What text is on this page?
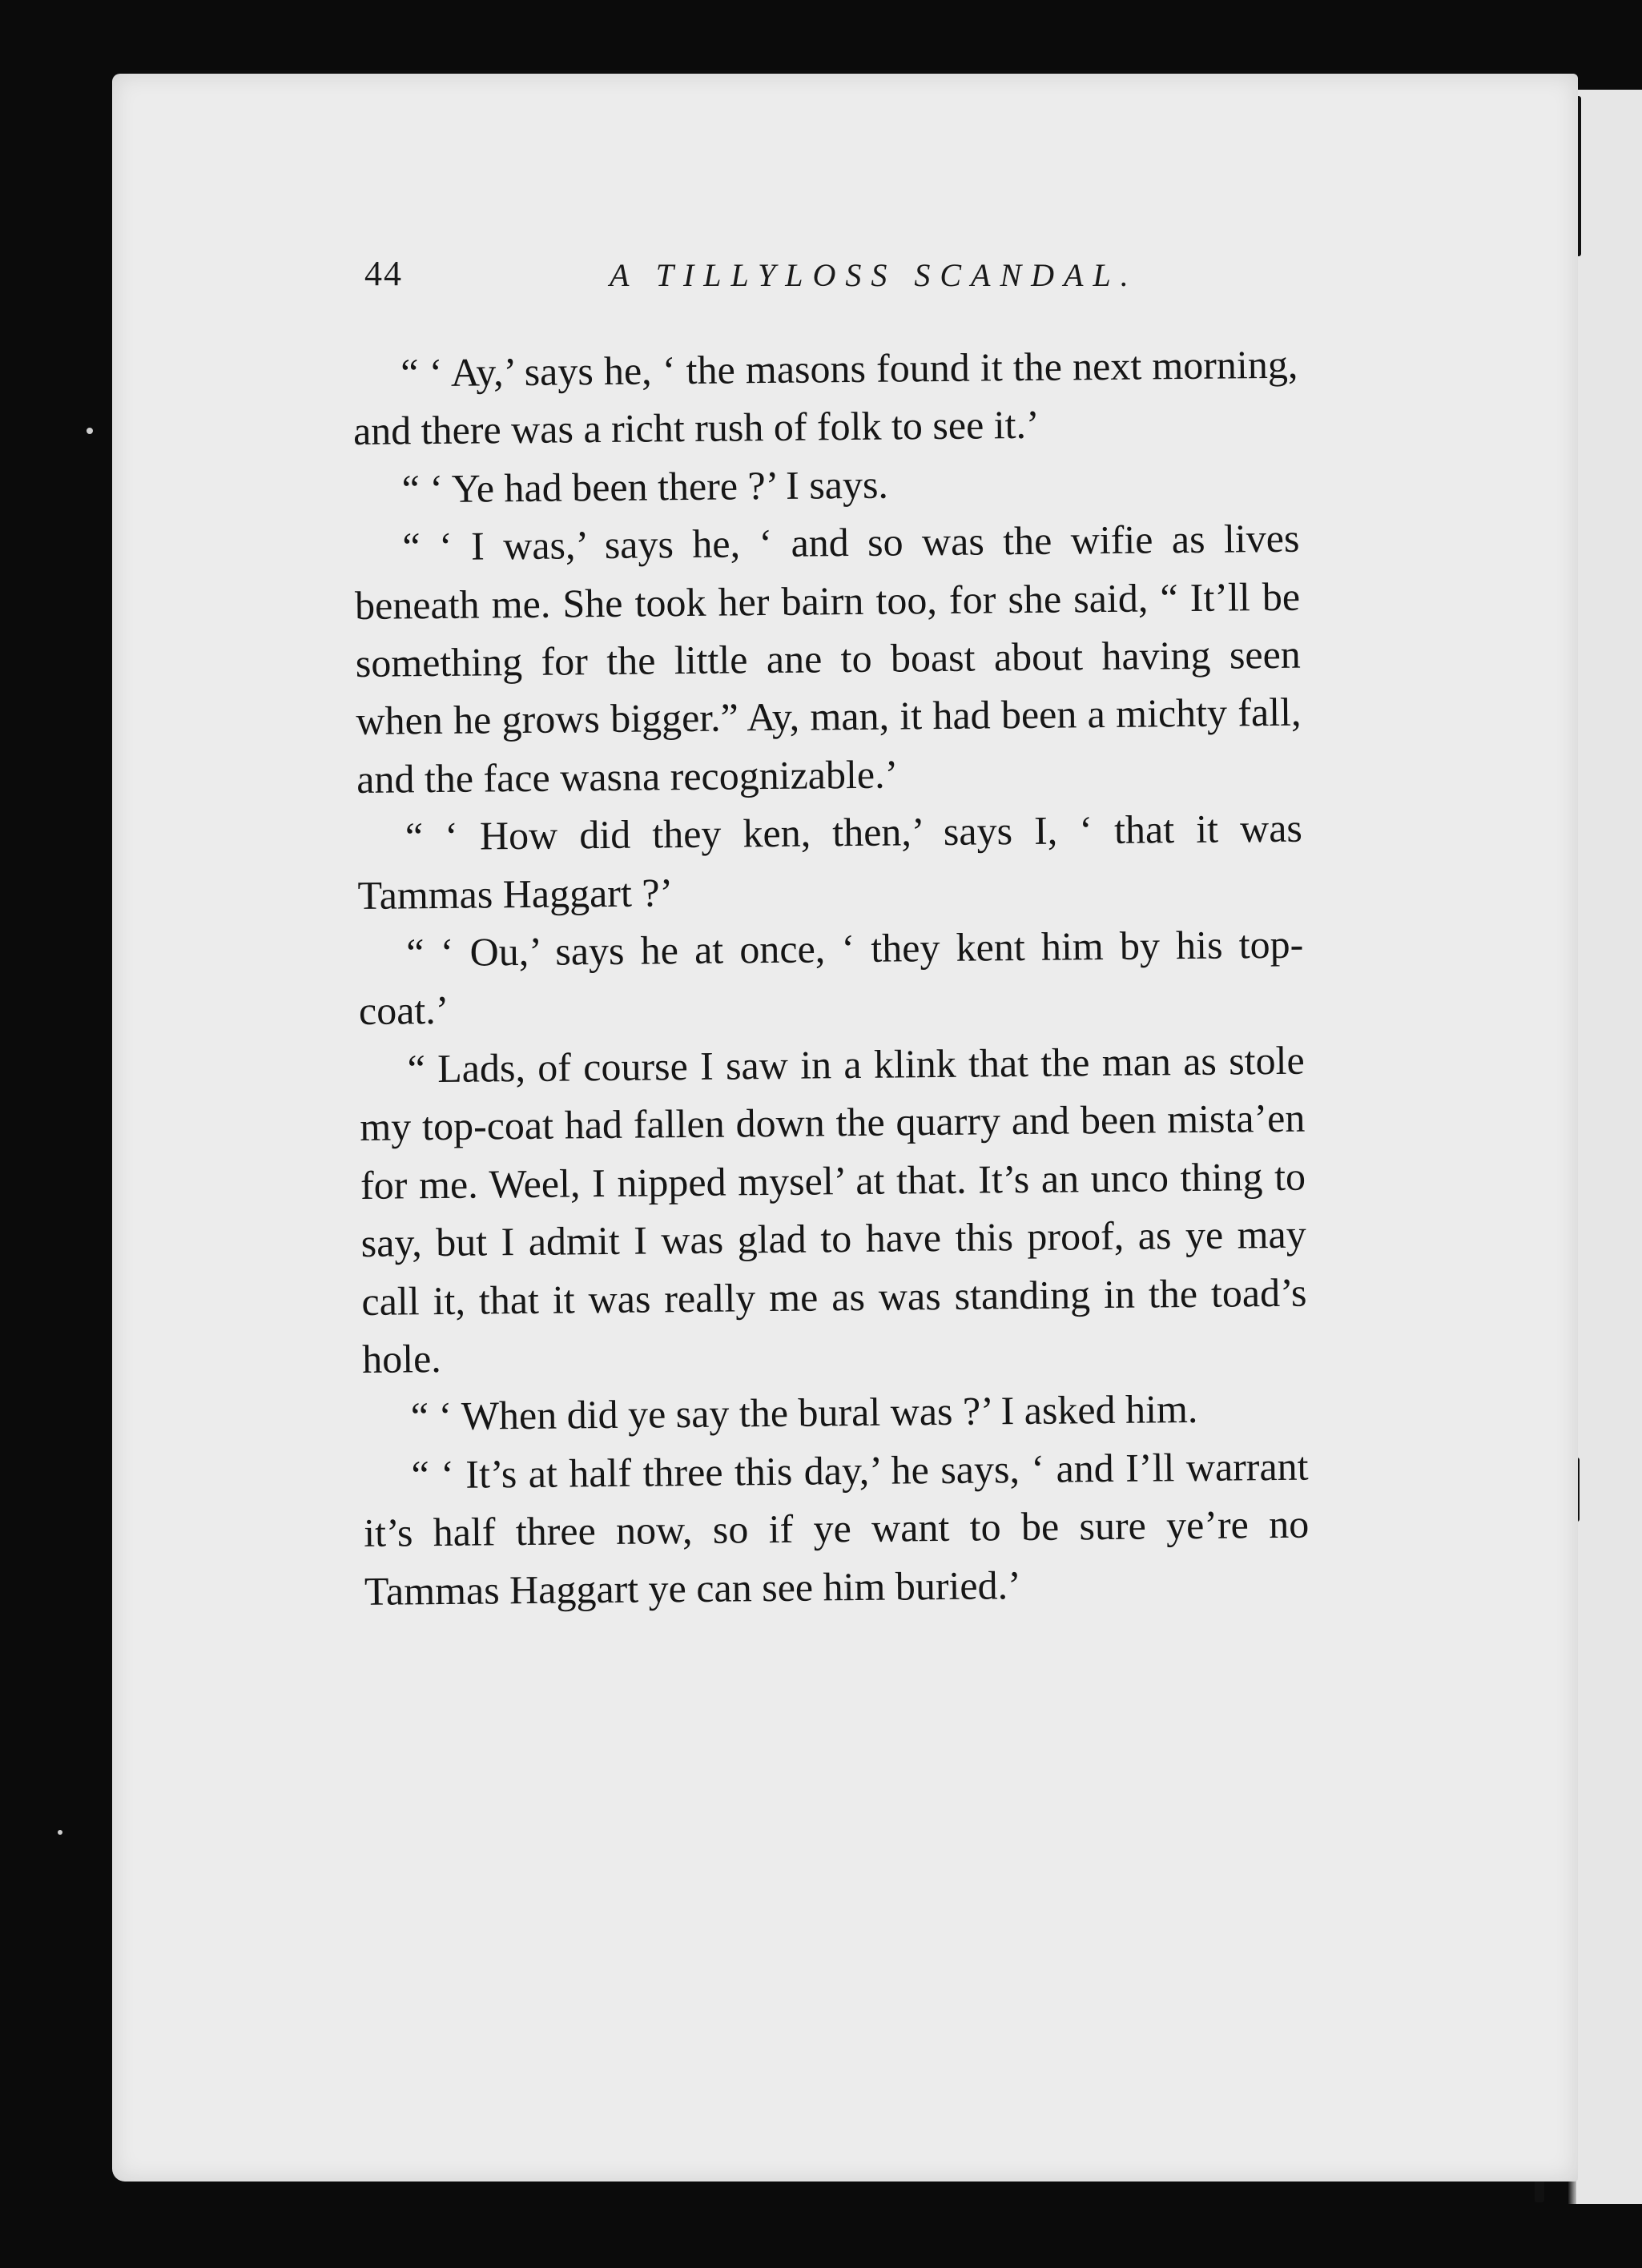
44	A TILLYLOSS SCANDAL.

“ ‘ Ay,’ says he, ‘ the masons found it the next morning, and there was a richt rush of folk to see it.’

“ ‘ Ye had been there ?’ I says.

“ ‘ I was,’ says he, ‘ and so was the wifie as lives beneath me. She took her bairn too, for she said, “ It’ll be something for the little ane to boast about having seen when he grows bigger.” Ay, man, it had been a michty fall, and the face wasna recognizable.’

“ ‘ How did they ken, then,’ says I, ‘ that it was Tammas Haggart ?’

“ ‘ Ou,’ says he at once, ‘ they kent him by his top-coat.’

“ Lads, of course I saw in a klink that the man as stole my top-coat had fallen down the quarry and been mista’en for me. Weel, I nipped mysel’ at that. It’s an unco thing to say, but I admit I was glad to have this proof, as ye may call it, that it was really me as was standing in the toad’s hole.

“ ‘ When did ye say the bural was ?’ I asked him.

“ ‘ It’s at half three this day,’ he says, ‘ and I’ll warrant it’s half three now, so if ye want to be sure ye’re no Tammas Haggart ye can see him buried.’
